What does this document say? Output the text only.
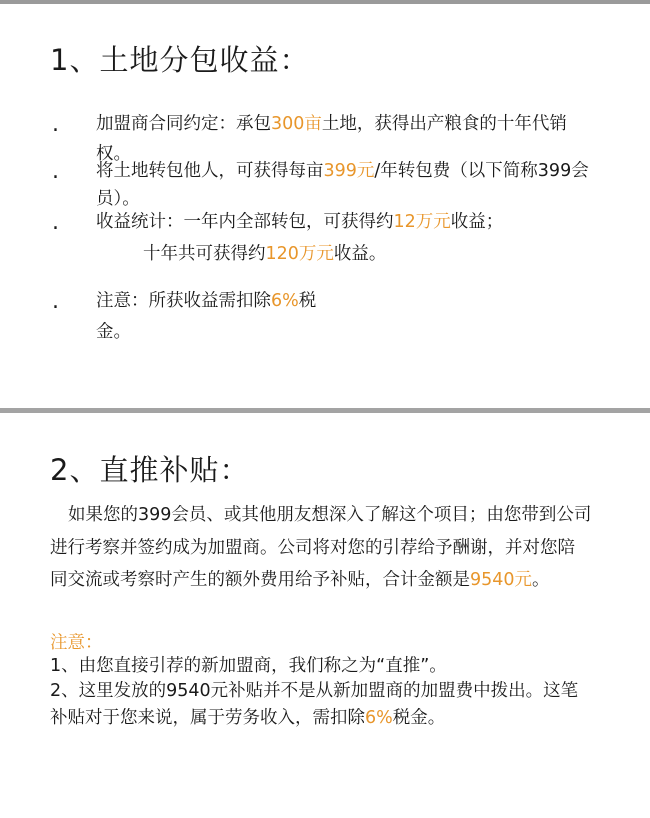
1、土地分包收益：
. 加盟商合同约定：承包300亩土地，获得出产粮食的十年代销
权。
. 将土地转包他人，可获得每亩399元/年转包费（以下简称399会
员）。
. 收益统计：一年内全部转包，可获得约12万元收益；
十年共可获得约120万元收益。
. 注意：所获收益需扣除6%税
金。
2、直推补贴：
如果您的399会员、或其他朋友想深入了解这个项目；由您带到公司
进行考察并签约成为加盟商。公司将对您的引荐给予酬谢，并对您陪
同交流或考察时产生的额外费用给予补贴，合计金额是9540元。
注意：
1、由您直接引荐的新加盟商，我们称之为“直推”。
2、这里发放的9540元补贴并不是从新加盟商的加盟费中拨出。这笔
补贴对于您来说，属于劳务收入，需扣除6%税金。
